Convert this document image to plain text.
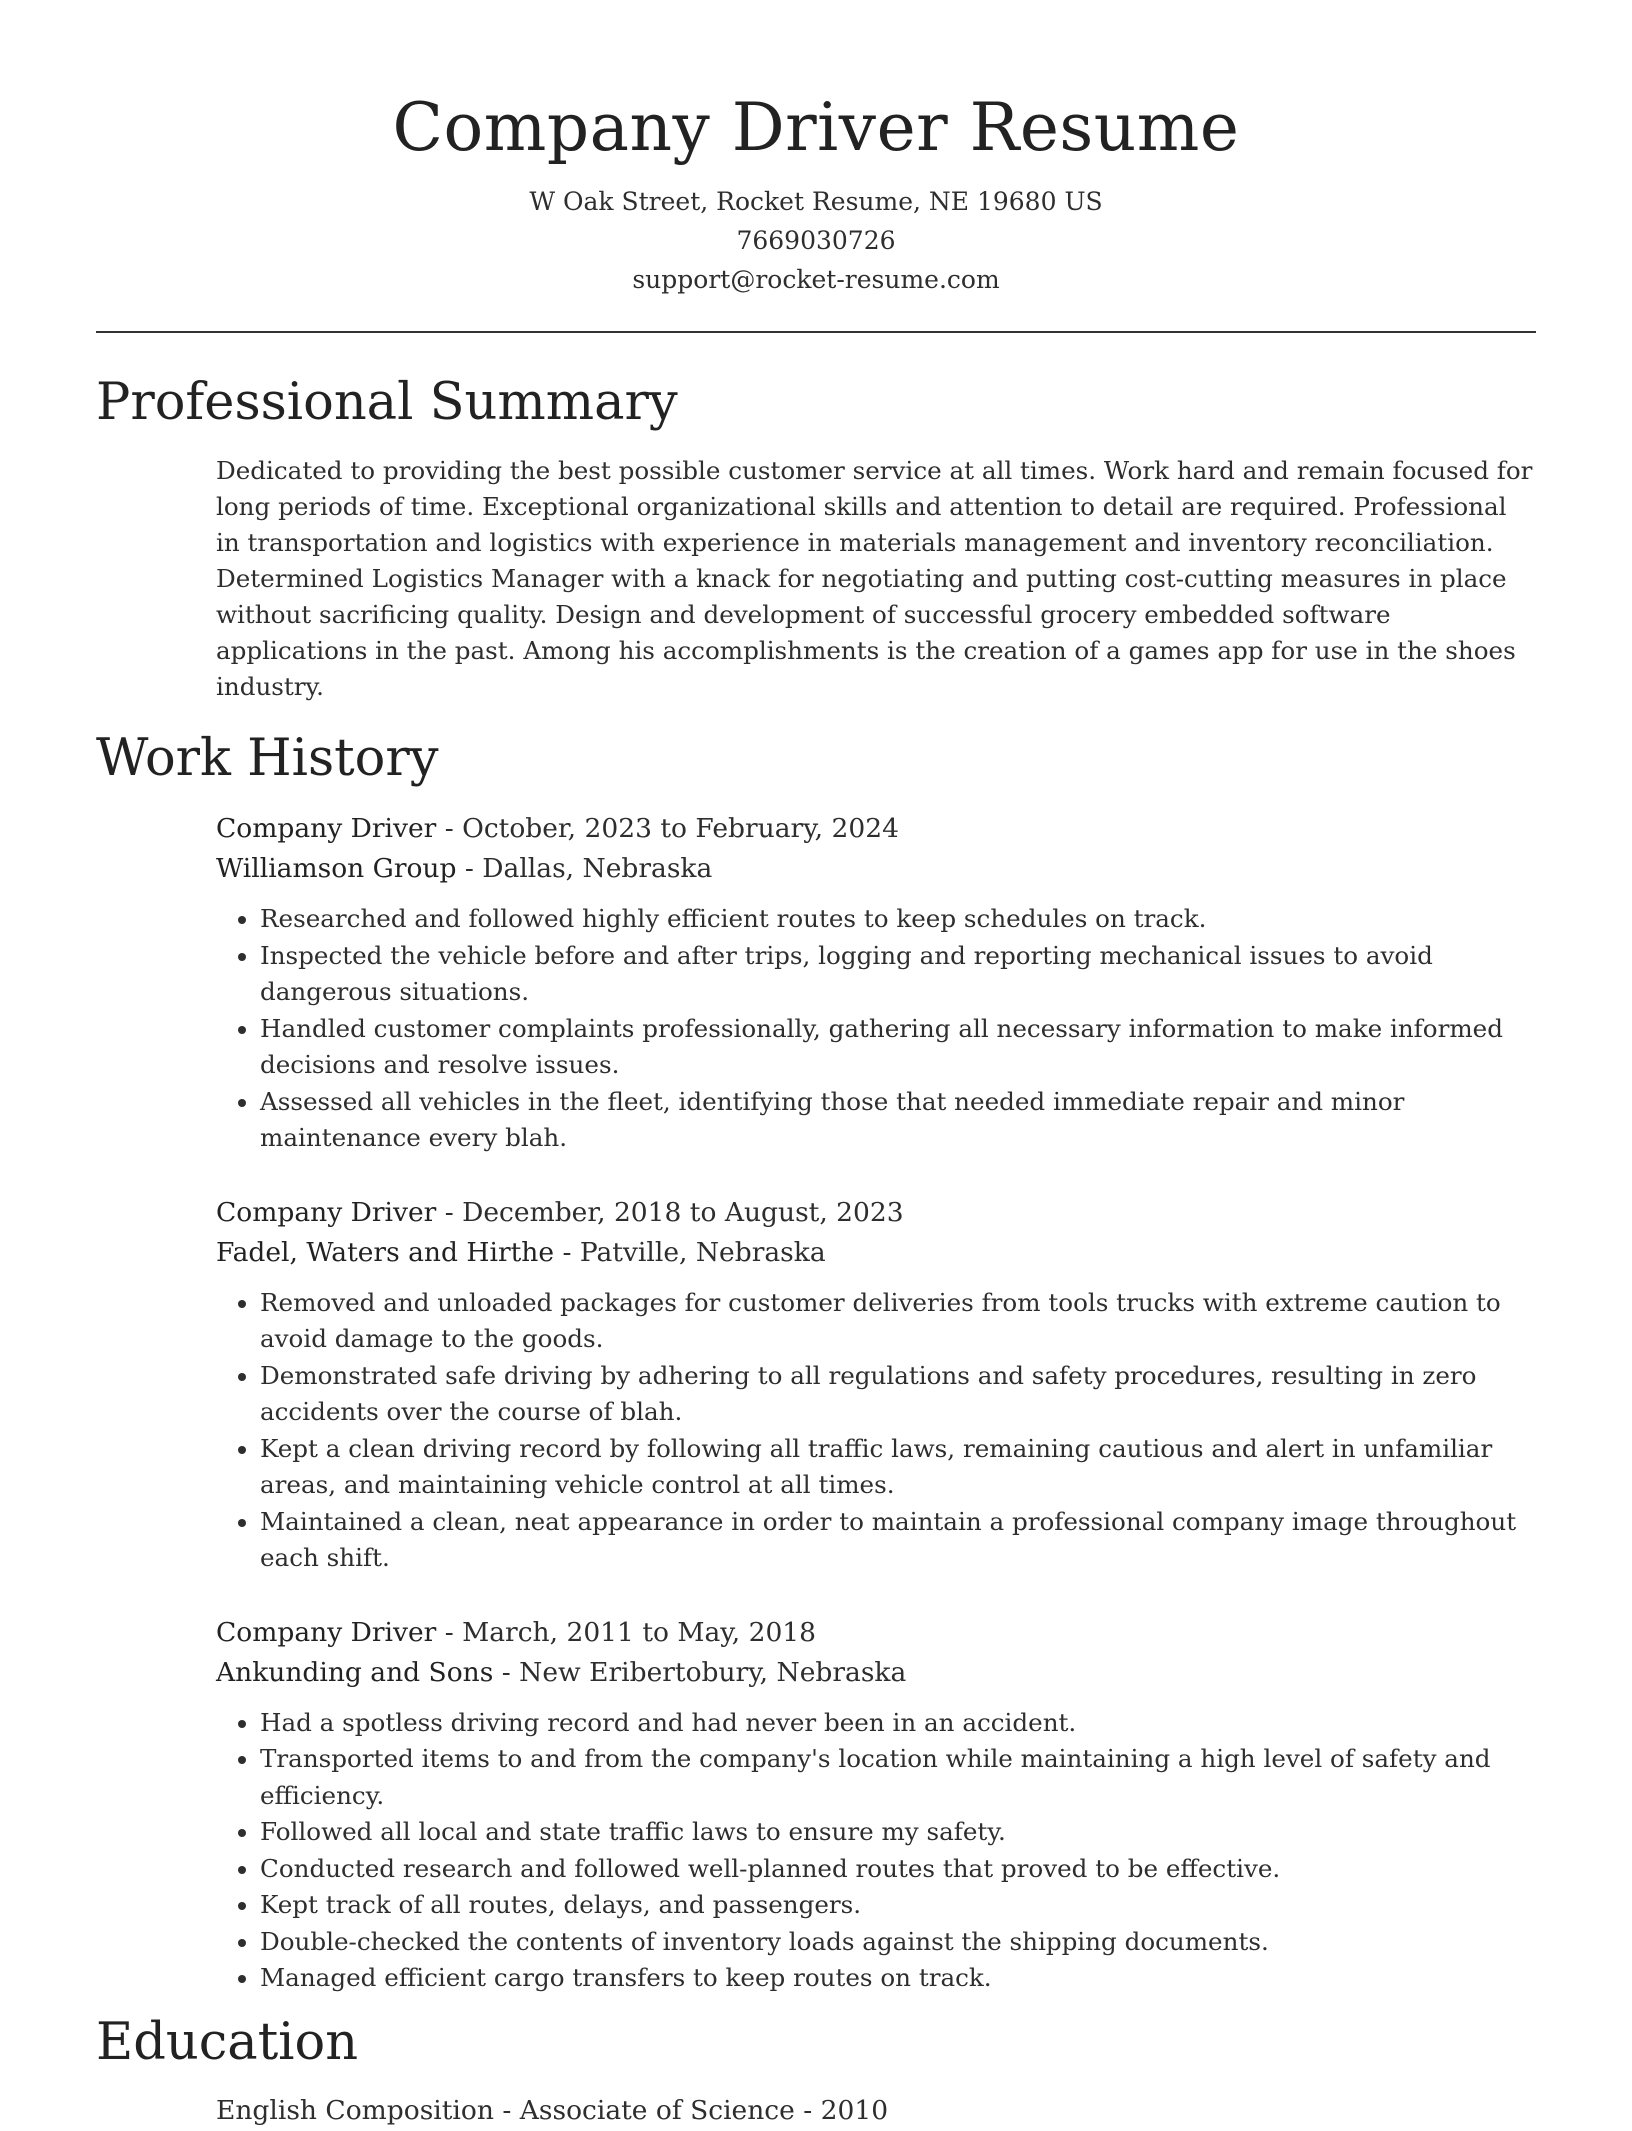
Company Driver Resume
W Oak Street, Rocket Resume, NE 19680 US
7669030726
support@rocket-resume.com
Professional Summary
Dedicated to providing the best possible customer service at all times. Work hard and remain focused for long periods of time. Exceptional organizational skills and attention to detail are required. Professional in transportation and logistics with experience in materials management and inventory reconciliation. Determined Logistics Manager with a knack for negotiating and putting cost-cutting measures in place without sacrificing quality. Design and development of successful grocery embedded software applications in the past. Among his accomplishments is the creation of a games app for use in the shoes industry.
Work History
Company Driver - October, 2023 to February, 2024
Williamson Group - Dallas, Nebraska
• Researched and followed highly efficient routes to keep schedules on track.
• Inspected the vehicle before and after trips, logging and reporting mechanical issues to avoid dangerous situations.
• Handled customer complaints professionally, gathering all necessary information to make informed decisions and resolve issues.
• Assessed all vehicles in the fleet, identifying those that needed immediate repair and minor maintenance every blah.
Company Driver - December, 2018 to August, 2023
Fadel, Waters and Hirthe - Patville, Nebraska
• Removed and unloaded packages for customer deliveries from tools trucks with extreme caution to avoid damage to the goods.
• Demonstrated safe driving by adhering to all regulations and safety procedures, resulting in zero accidents over the course of blah.
• Kept a clean driving record by following all traffic laws, remaining cautious and alert in unfamiliar areas, and maintaining vehicle control at all times.
• Maintained a clean, neat appearance in order to maintain a professional company image throughout each shift.
Company Driver - March, 2011 to May, 2018
Ankunding and Sons - New Eribertobury, Nebraska
• Had a spotless driving record and had never been in an accident.
• Transported items to and from the company's location while maintaining a high level of safety and efficiency.
• Followed all local and state traffic laws to ensure my safety.
• Conducted research and followed well-planned routes that proved to be effective.
• Kept track of all routes, delays, and passengers.
• Double-checked the contents of inventory loads against the shipping documents.
• Managed efficient cargo transfers to keep routes on track.
Education
English Composition - Associate of Science - 2010
